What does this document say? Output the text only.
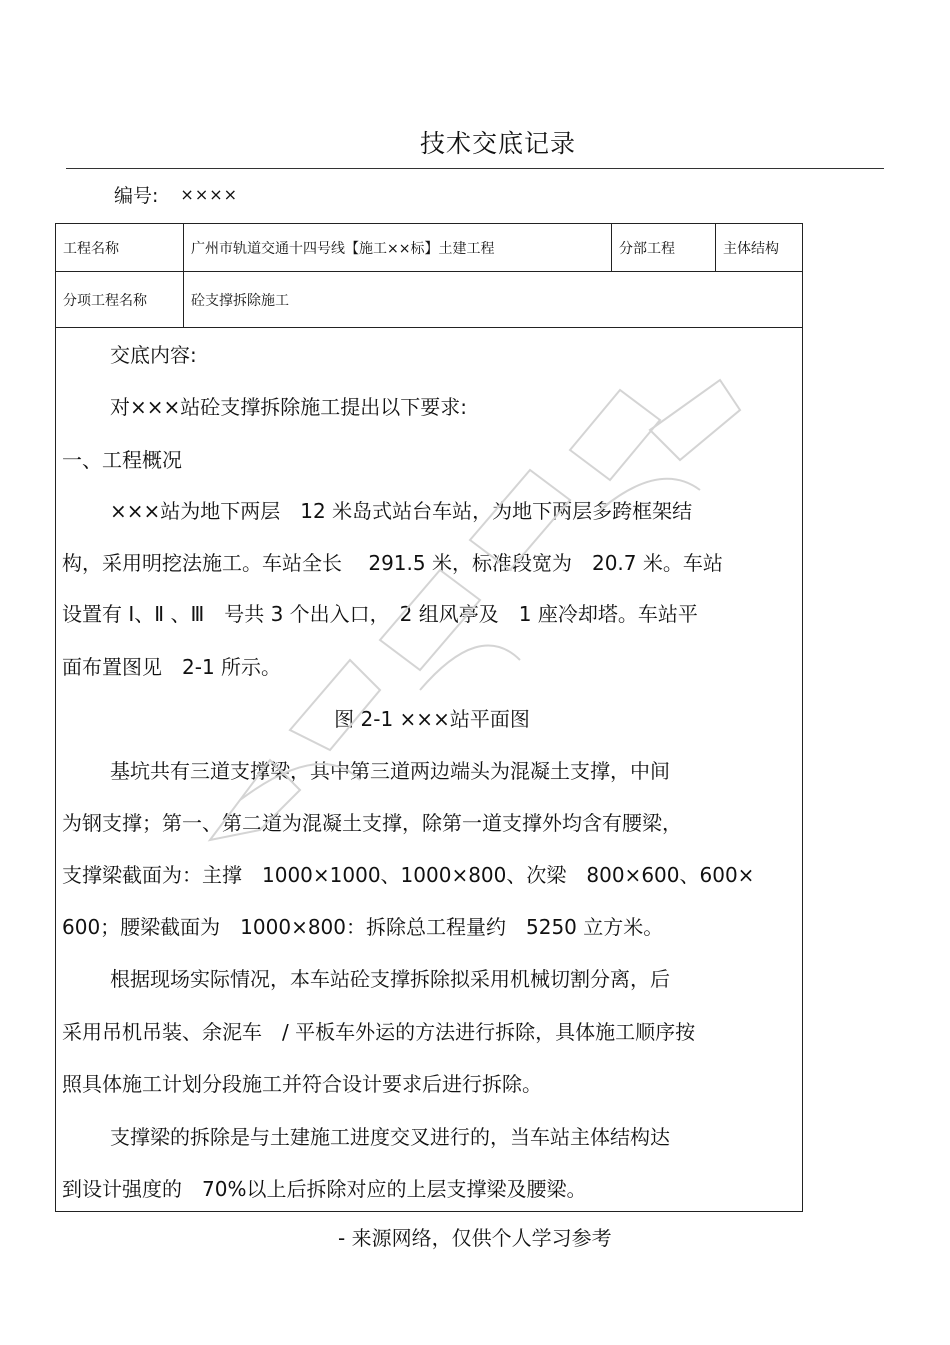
技术交底记录
编号: ××××
工程名称	广州市轨道交通十四号线【施工××标】土建工程	分部工程	主体结构
分项工程名称	砼支撑拆除施工
交底内容:
对×××站砼支撑拆除施工提出以下要求:
一、工程概况
×××站为地下两层　12 米岛式站台车站，为地下两层多跨框架结
构，采用明挖法施工。车站全长　 291.5 米，标准段宽为　20.7 米。车站
设置有 Ⅰ、Ⅱ 、Ⅲ　号共 3 个出入口，　2 组风亭及　1 座冷却塔。车站平
面布置图见　2-1 所示。
图 2-1 ×××站平面图
基坑共有三道支撑梁，其中第三道两边端头为混凝土支撑，中间
为钢支撑；第一、第二道为混凝土支撑，除第一道支撑外均含有腰梁，
支撑梁截面为：主撑　1000×1000、1000×800、次梁　800×600、600×
600；腰梁截面为　1000×800：拆除总工程量约　5250 立方米。
根据现场实际情况，本车站砼支撑拆除拟采用机械切割分离，后
采用吊机吊装、余泥车　/ 平板车外运的方法进行拆除，具体施工顺序按
照具体施工计划分段施工并符合设计要求后进行拆除。
支撑梁的拆除是与土建施工进度交叉进行的，当车站主体结构达
到设计强度的　70%以上后拆除对应的上层支撑梁及腰梁。
- 来源网络，仅供个人学习参考
